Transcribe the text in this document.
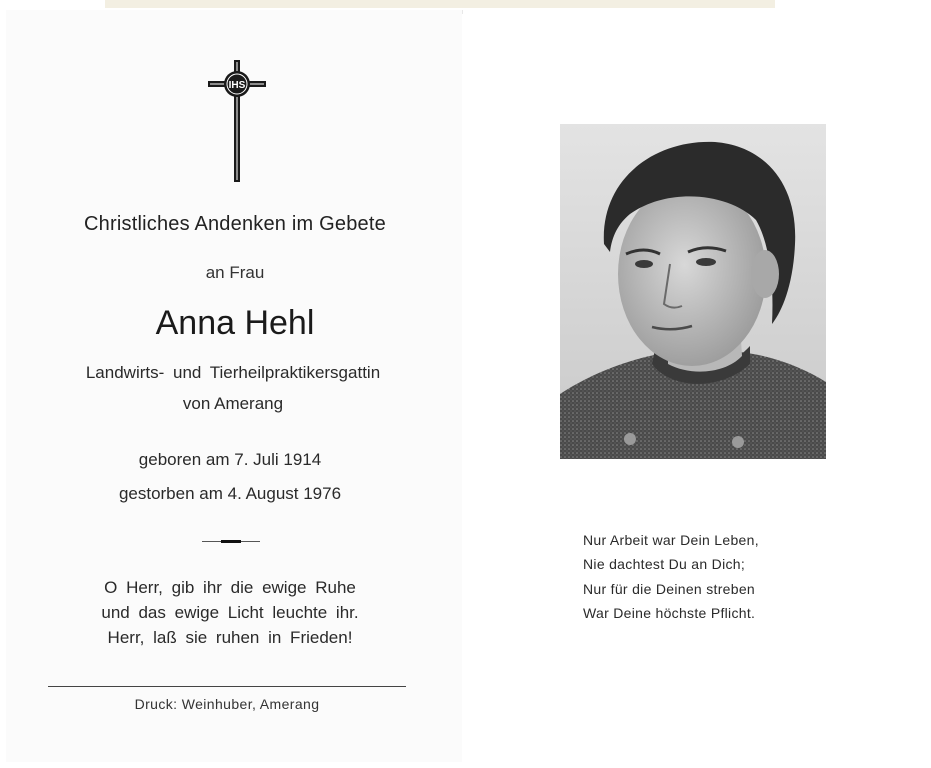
IHS
Christliches Andenken im Gebete
an Frau
Anna Hehl
Landwirts- und Tierheilpraktikersgattin
von Amerang
geboren am 7. Juli 1914
gestorben am 4. August 1976
O Herr, gib ihr die ewige Ruhe
und das ewige Licht leuchte ihr.
Herr, laß sie ruhen in Frieden!
Druck: Weinhuber, Amerang
Nur Arbeit war Dein Leben,
Nie dachtest Du an Dich;
Nur für die Deinen streben
War Deine höchste Pflicht.
